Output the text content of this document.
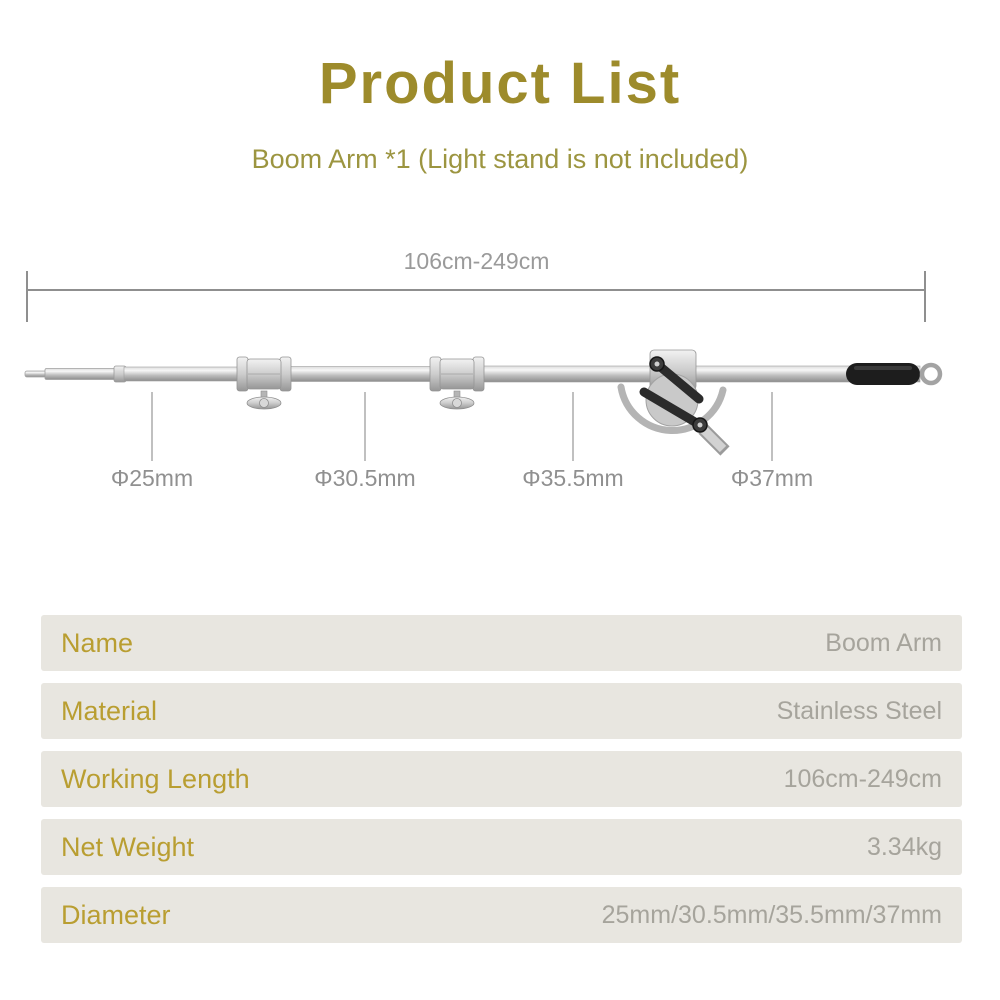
Product List
Boom Arm *1 (Light stand is not included)
106cm-249cm
Φ25mm	Φ30.5mm	Φ35.5mm	Φ37mm
Name	Boom Arm
Material	Stainless Steel
Working Length	106cm-249cm
Net Weight	3.34kg
Diameter	25mm/30.5mm/35.5mm/37mm
